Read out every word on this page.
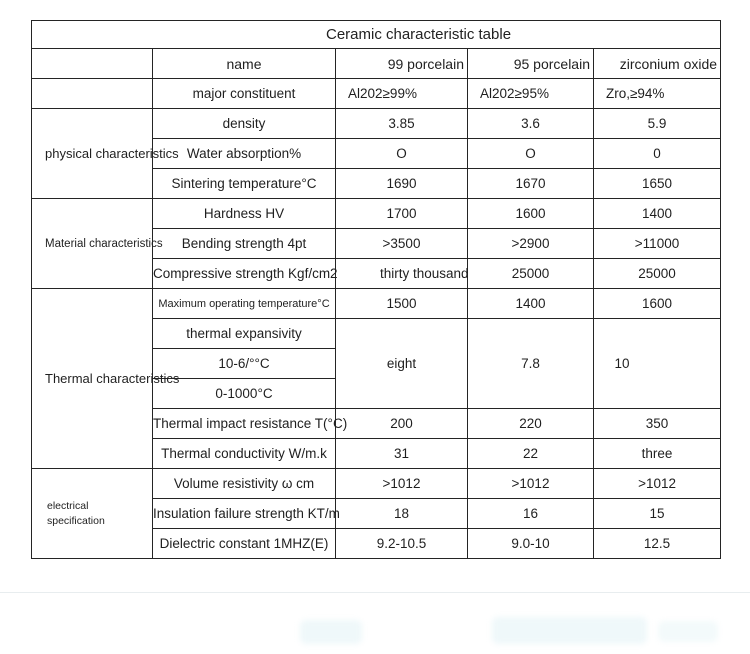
Ceramic characteristic table				
	name	99 porcelain	95 porcelain	zirconium oxide
	major constituent	Al202≥99%	Al202≥95%	Zro,≥94%
physical characteristics	density	3.85	3.6	5.9
	Water absorption%	O	O	0
	Sintering temperature°C	1690	1670	1650
Material characteristics	Hardness HV	1700	1600	1400
	Bending strength 4pt	>3500	>2900	>11000
	Compressive strength Kgf/cm2	thirty thousand	25000	25000
Thermal characteristics	Maximum operating temperature°C	1500	1400	1600
	thermal expansivity	eight	7.8	10
	10-6/°°C			
	0-1000°C			
	Thermal impact resistance T(°C)	200	220	350
	Thermal conductivity W/m.k	31	22	three

electrical specification	Volume resistivity ω cm	>1012	>1012	>1012
	Insulation failure strength KT/m	18	16	15
	Dielectric constant 1MHZ(E)	9.2-10.5	9.0-10	12.5
